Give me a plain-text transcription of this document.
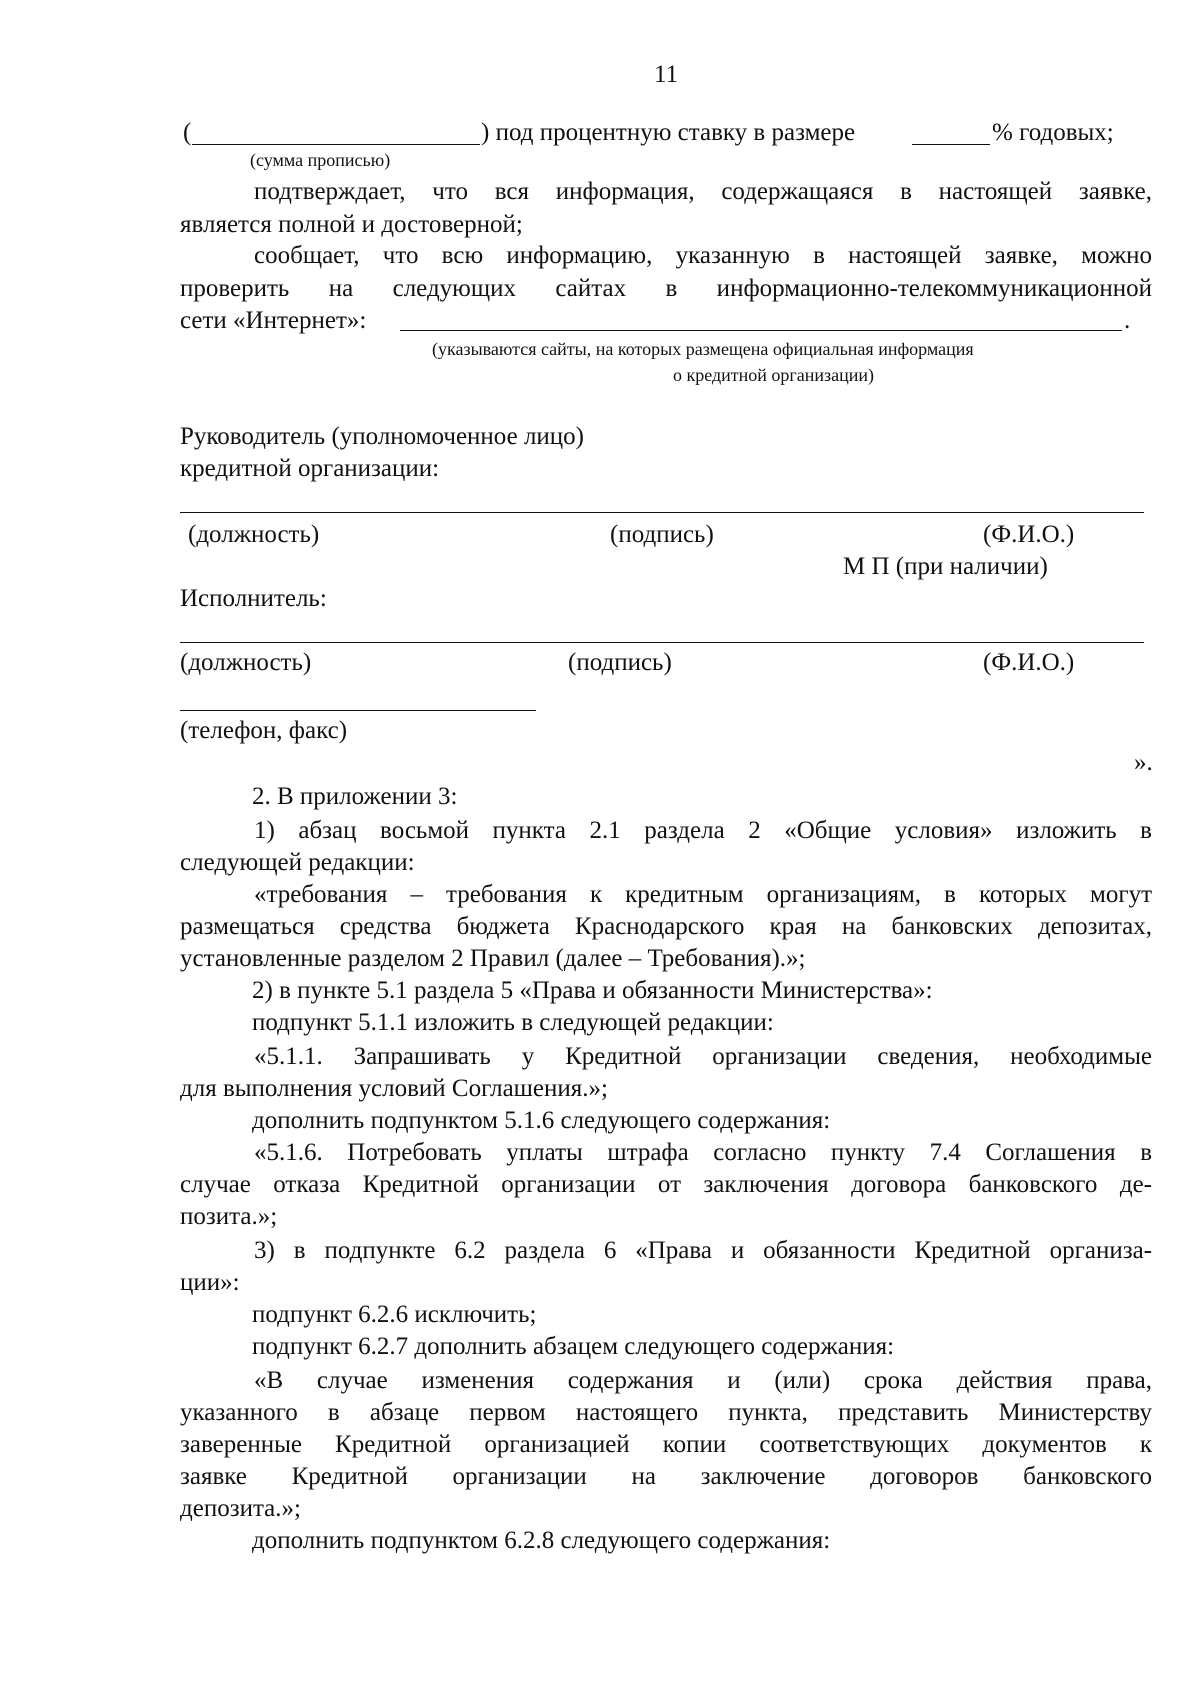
11
(	) под процентную ставку в размере	% годовых;
(сумма прописью)
подтверждает, что вся информация, содержащаяся в настоящей заявке,
является полной и достоверной;
сообщает, что всю информацию, указанную в настоящей заявке, можно
проверить на следующих сайтах в информационно-телекоммуникационной
сети «Интернет»:	.
(указываются сайты, на которых размещена официальная информация
о кредитной организации)
Руководитель (уполномоченное лицо)
кредитной организации:
(должность)	(подпись)	(Ф.И.О.)
М П (при наличии)
Исполнитель:
(должность)	(подпись)	(Ф.И.О.)
(телефон, факс)
».
2. В приложении 3:
1) абзац восьмой пункта 2.1 раздела 2 «Общие условия» изложить в
следующей редакции:
«требования – требования к кредитным организациям, в которых могут
размещаться средства бюджета Краснодарского края на банковских депозитах,
установленные разделом 2 Правил (далее – Требования).»;
2) в пункте 5.1 раздела 5 «Права и обязанности Министерства»:
подпункт 5.1.1 изложить в следующей редакции:
«5.1.1. Запрашивать у Кредитной организации сведения, необходимые
для выполнения условий Соглашения.»;
дополнить подпунктом 5.1.6 следующего содержания:
«5.1.6. Потребовать уплаты штрафа согласно пункту 7.4 Соглашения в
случае отказа Кредитной организации от заключения договора банковского де-
позита.»;
3) в подпункте 6.2 раздела 6 «Права и обязанности Кредитной организа-
ции»:
подпункт 6.2.6 исключить;
подпункт 6.2.7 дополнить абзацем следующего содержания:
«В случае изменения содержания и (или) срока действия права,
указанного в абзаце первом настоящего пункта, представить Министерству
заверенные Кредитной организацией копии соответствующих документов к
заявке Кредитной организации на заключение договоров банковского
депозита.»;
дополнить подпунктом 6.2.8 следующего содержания:
